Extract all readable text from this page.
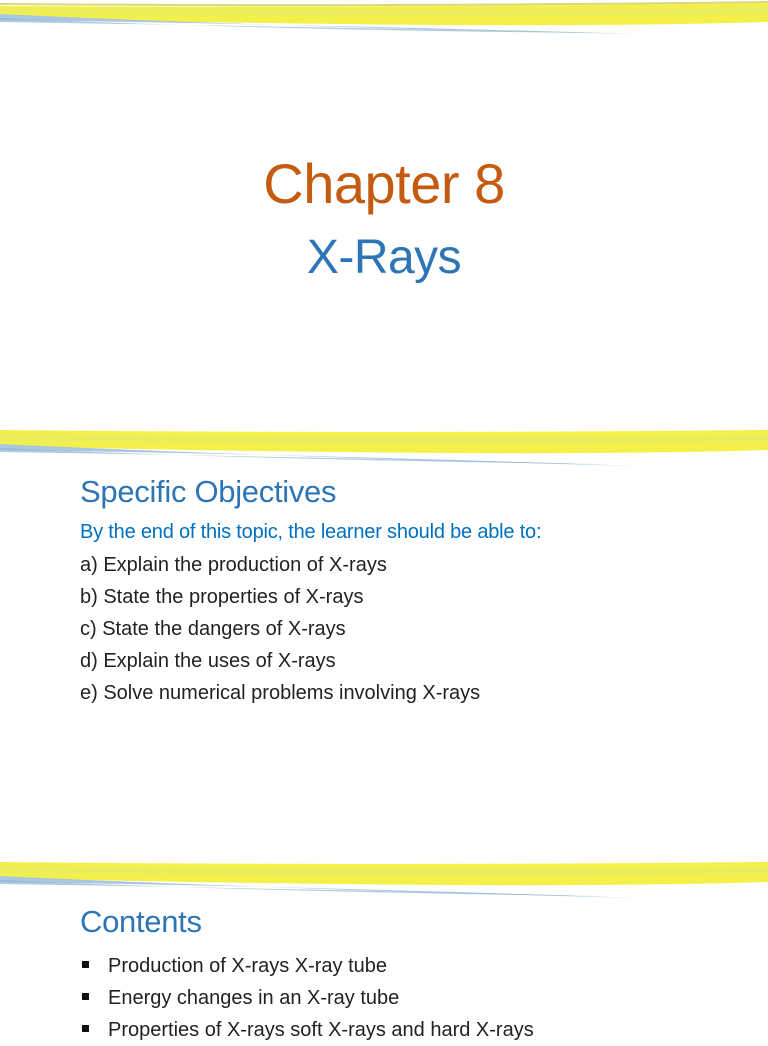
Chapter 8
X-Rays
Specific Objectives
By the end of this topic, the learner should be able to:
a) Explain the production of X-rays
b) State the properties of X-rays
c) State the dangers of X-rays
d) Explain the uses of X-rays
e) Solve numerical problems involving X-rays
Contents
Production of X-rays X-ray tube
Energy changes in an X-ray tube
Properties of X-rays soft X-rays and hard X-rays
